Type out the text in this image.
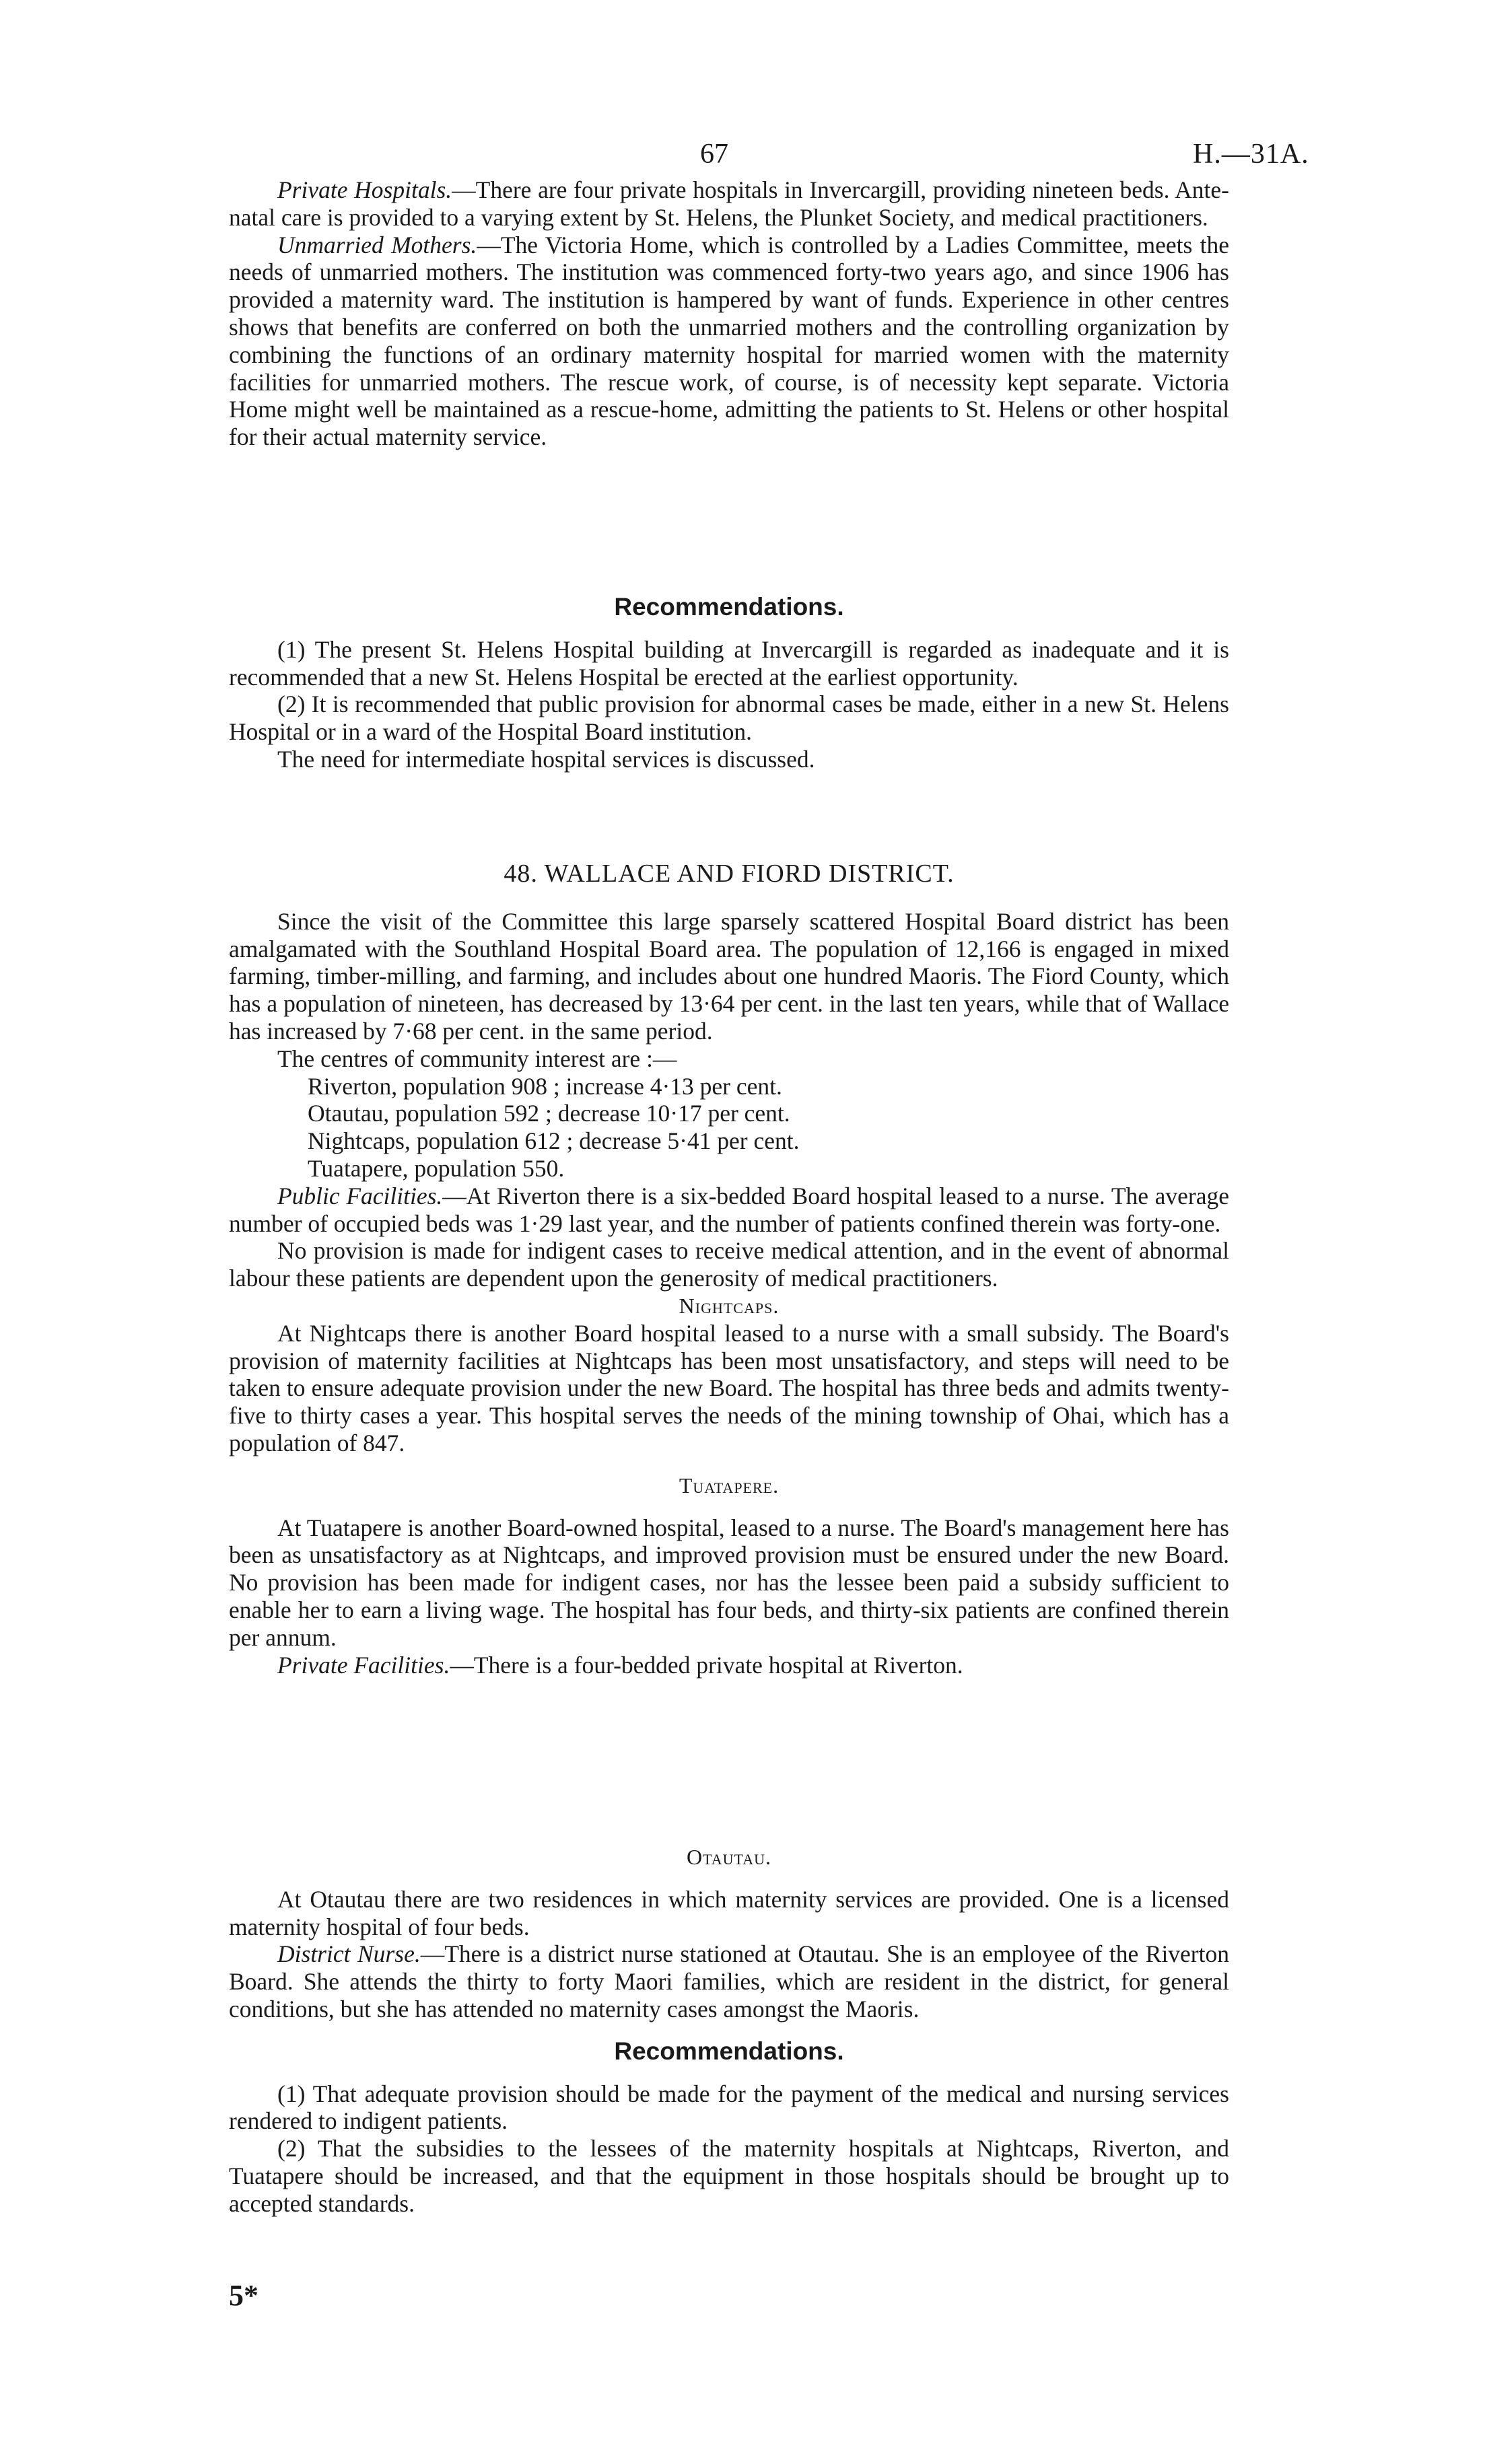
67	H.—31A.

Private Hospitals.—There are four private hospitals in Invercargill, providing nineteen beds. Ante-natal care is provided to a varying extent by St. Helens, the Plunket Society, and medical practitioners.

Unmarried Mothers.—The Victoria Home, which is controlled by a Ladies Committee, meets the needs of unmarried mothers. The institution was commenced forty-two years ago, and since 1906 has provided a maternity ward. The institution is hampered by want of funds. Experience in other centres shows that benefits are conferred on both the unmarried mothers and the controlling organization by combining the functions of an ordinary maternity hospital for married women with the maternity facilities for unmarried mothers. The rescue work, of course, is of necessity kept separate. Victoria Home might well be maintained as a rescue-home, admitting the patients to St. Helens or other hospital for their actual maternity service.

Recommendations.

(1) The present St. Helens Hospital building at Invercargill is regarded as inadequate and it is recommended that a new St. Helens Hospital be erected at the earliest opportunity.

(2) It is recommended that public provision for abnormal cases be made, either in a new St. Helens Hospital or in a ward of the Hospital Board institution.

The need for intermediate hospital services is discussed.

48. WALLACE AND FIORD DISTRICT.

Since the visit of the Committee this large sparsely scattered Hospital Board district has been amalgamated with the Southland Hospital Board area. The population of 12,166 is engaged in mixed farming, timber-milling, and farming, and includes about one hundred Maoris. The Fiord County, which has a population of nineteen, has decreased by 13·64 per cent. in the last ten years, while that of Wallace has increased by 7·68 per cent. in the same period.

The centres of community interest are :—

Riverton, population 908 ; increase 4·13 per cent.

Otautau, population 592 ; decrease 10·17 per cent.

Nightcaps, population 612 ; decrease 5·41 per cent.

Tuatapere, population 550.

Public Facilities.—At Riverton there is a six-bedded Board hospital leased to a nurse. The average number of occupied beds was 1·29 last year, and the number of patients confined therein was forty-one.

No provision is made for indigent cases to receive medical attention, and in the event of abnormal labour these patients are dependent upon the generosity of medical practitioners.

Nightcaps.

At Nightcaps there is another Board hospital leased to a nurse with a small subsidy. The Board's provision of maternity facilities at Nightcaps has been most unsatisfactory, and steps will need to be taken to ensure adequate provision under the new Board. The hospital has three beds and admits twenty-five to thirty cases a year. This hospital serves the needs of the mining township of Ohai, which has a population of 847.

Tuatapere.

At Tuatapere is another Board-owned hospital, leased to a nurse. The Board's management here has been as unsatisfactory as at Nightcaps, and improved provision must be ensured under the new Board. No provision has been made for indigent cases, nor has the lessee been paid a subsidy sufficient to enable her to earn a living wage. The hospital has four beds, and thirty-six patients are confined therein per annum.

Private Facilities.—There is a four-bedded private hospital at Riverton.

Otautau.

At Otautau there are two residences in which maternity services are provided. One is a licensed maternity hospital of four beds.

District Nurse.—There is a district nurse stationed at Otautau. She is an employee of the Riverton Board. She attends the thirty to forty Maori families, which are resident in the district, for general conditions, but she has attended no maternity cases amongst the Maoris.

Recommendations.

(1) That adequate provision should be made for the payment of the medical and nursing services rendered to indigent patients.

(2) That the subsidies to the lessees of the maternity hospitals at Nightcaps, Riverton, and Tuatapere should be increased, and that the equipment in those hospitals should be brought up to accepted standards.

5*
